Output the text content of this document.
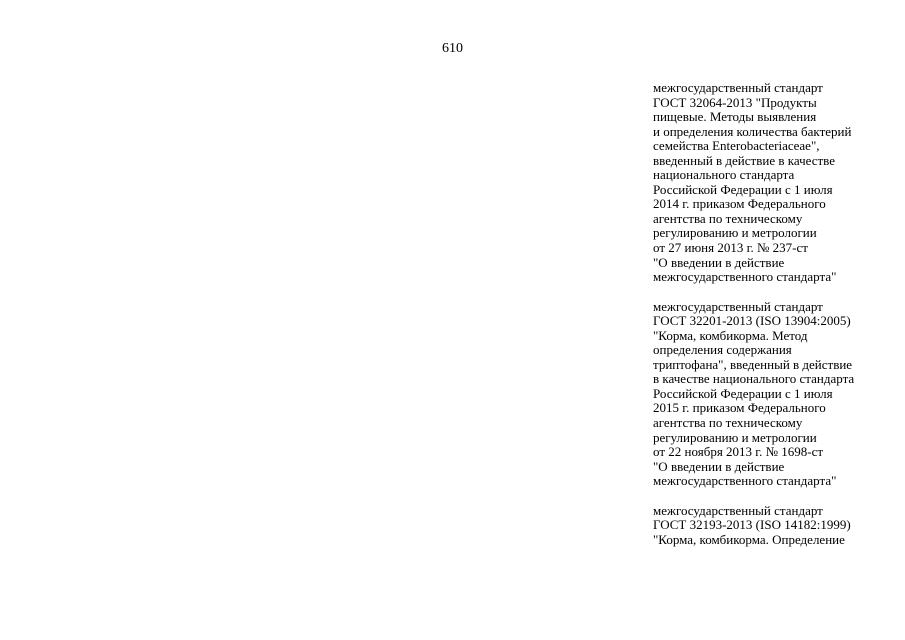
610
межгосударственный стандарт
ГОСТ 32064-2013 "Продукты
пищевые. Методы выявления
и определения количества бактерий
семейства Enterobacteriaceae",
введенный в действие в качестве
национального стандарта
Российской Федерации с 1 июля
2014 г. приказом Федерального
агентства по техническому
регулированию и метрологии
от 27 июня 2013 г. № 237-ст
"О введении в действие
межгосударственного стандарта"
межгосударственный стандарт
ГОСТ 32201-2013 (ISO 13904:2005)
"Корма, комбикорма. Метод
определения содержания
триптофана", введенный в действие
в качестве национального стандарта
Российской Федерации с 1 июля
2015 г. приказом Федерального
агентства по техническому
регулированию и метрологии
от 22 ноября 2013 г. № 1698-ст
"О введении в действие
межгосударственного стандарта"
межгосударственный стандарт
ГОСТ 32193-2013 (ISO 14182:1999)
"Корма, комбикорма. Определение
